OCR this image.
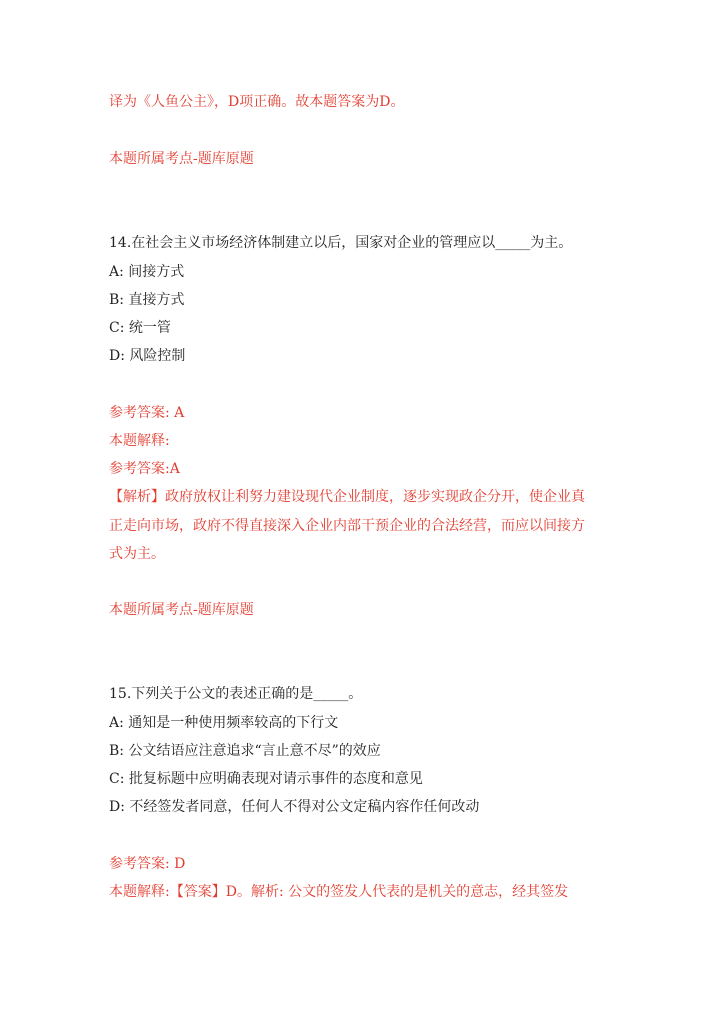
译为《人鱼公主》，D项正确。故本题答案为D。
本题所属考点-题库原题
14.在社会主义市场经济体制建立以后，国家对企业的管理应以_____为主。
A: 间接方式
B: 直接方式
C: 统一管
D: 风险控制
参考答案: A
本题解释:
参考答案:A
【解析】政府放权让利努力建设现代企业制度，逐步实现政企分开，使企业真
正走向市场，政府不得直接深入企业内部干预企业的合法经营，而应以间接方
式为主。
本题所属考点-题库原题
15.下列关于公文的表述正确的是_____。
A: 通知是一种使用频率较高的下行文
B: 公文结语应注意追求“言止意不尽”的效应
C: 批复标题中应明确表现对请示事件的态度和意见
D: 不经签发者同意，任何人不得对公文定稿内容作任何改动
参考答案: D
本题解释:【答案】D。解析: 公文的签发人代表的是机关的意志，经其签发
